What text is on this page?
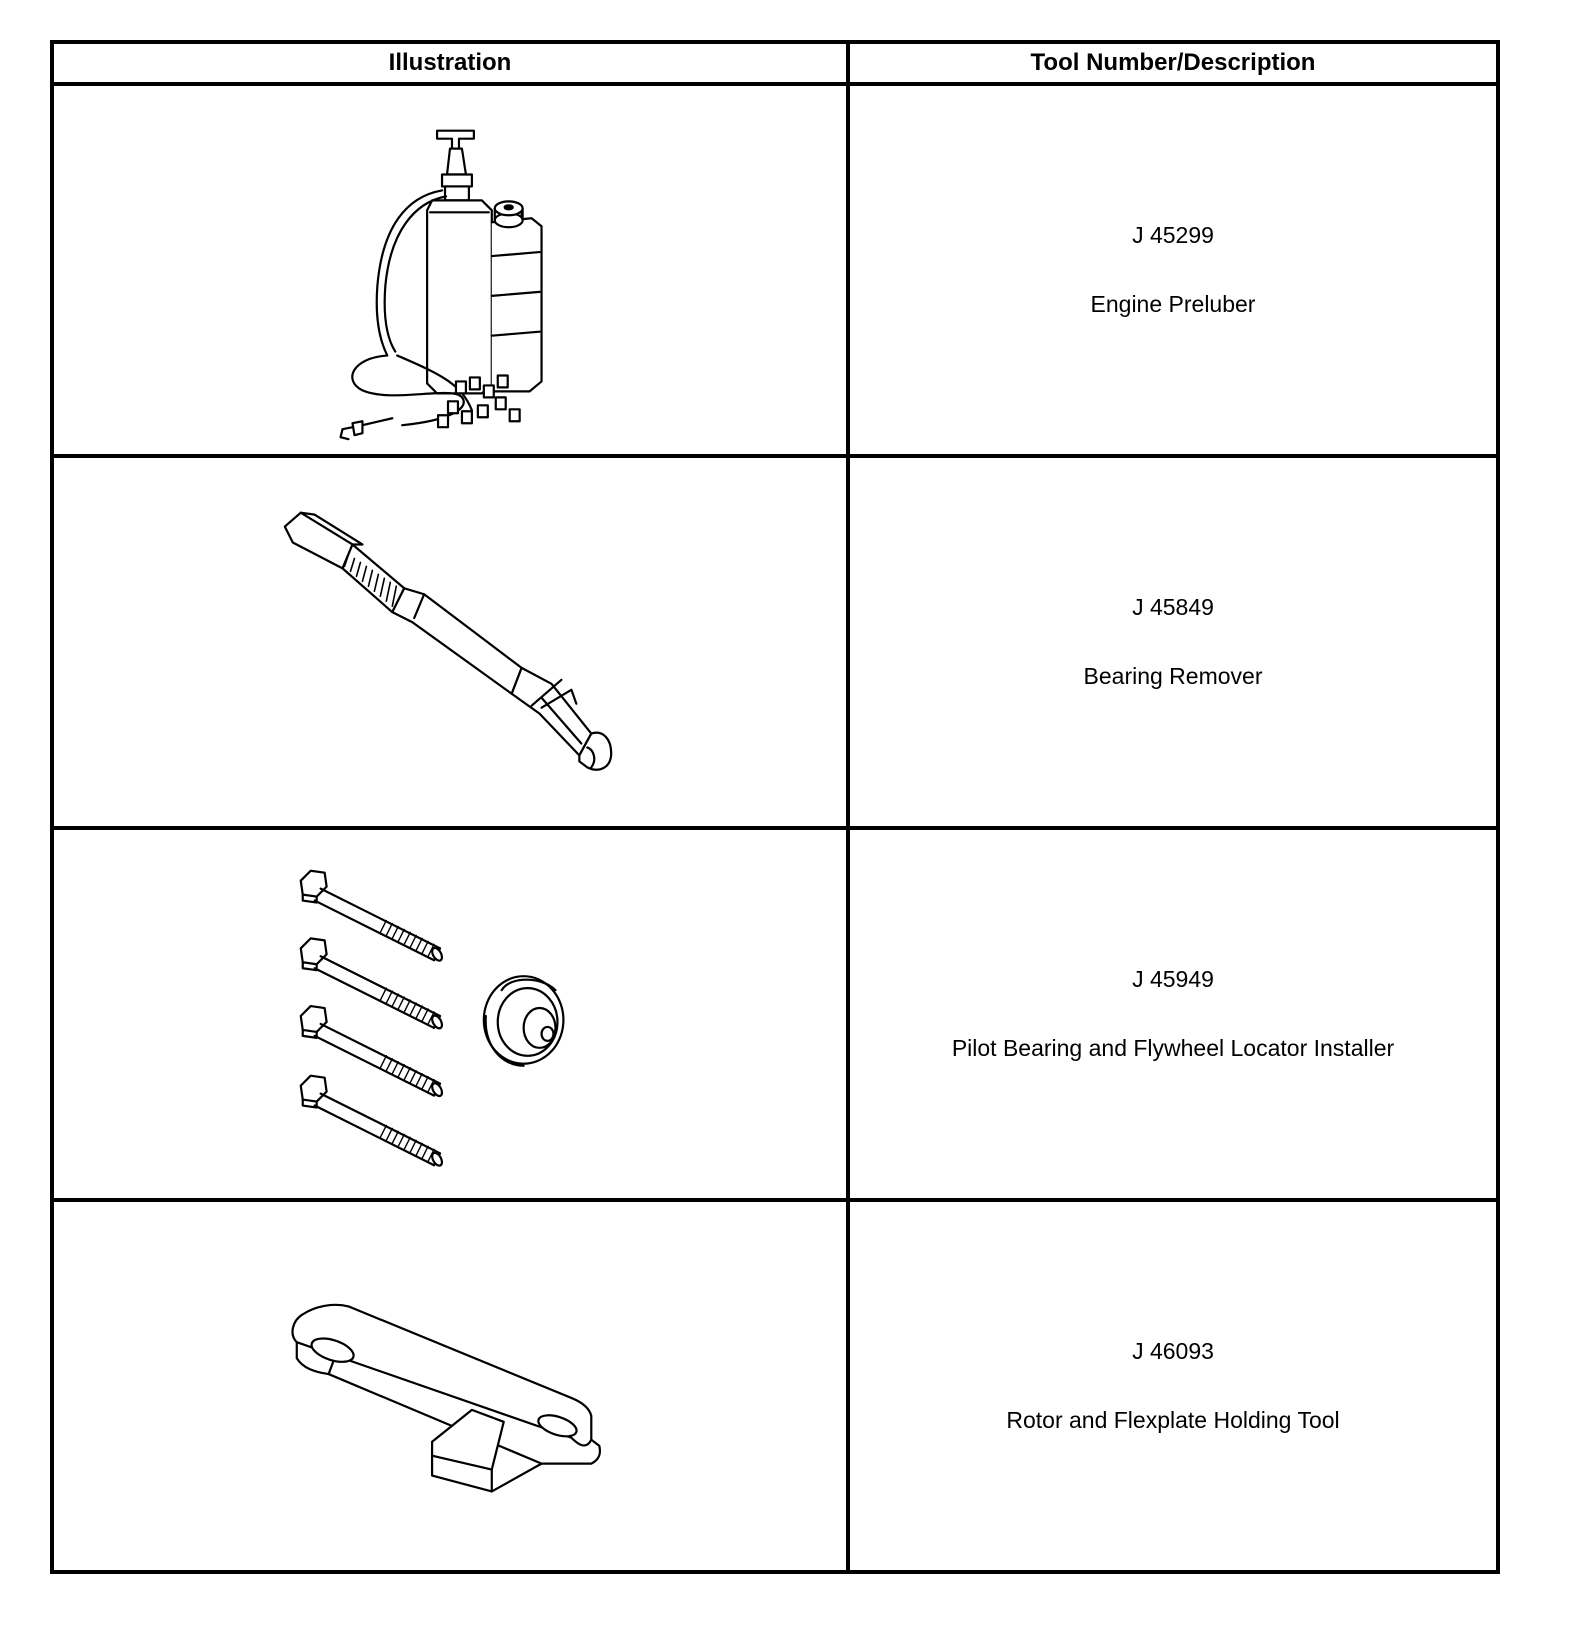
Illustration	Tool Number/Description

J 45299
Engine Preluber

J 45849
Bearing Remover

J 45949
Pilot Bearing and Flywheel Locator Installer

J 46093
Rotor and Flexplate Holding Tool
